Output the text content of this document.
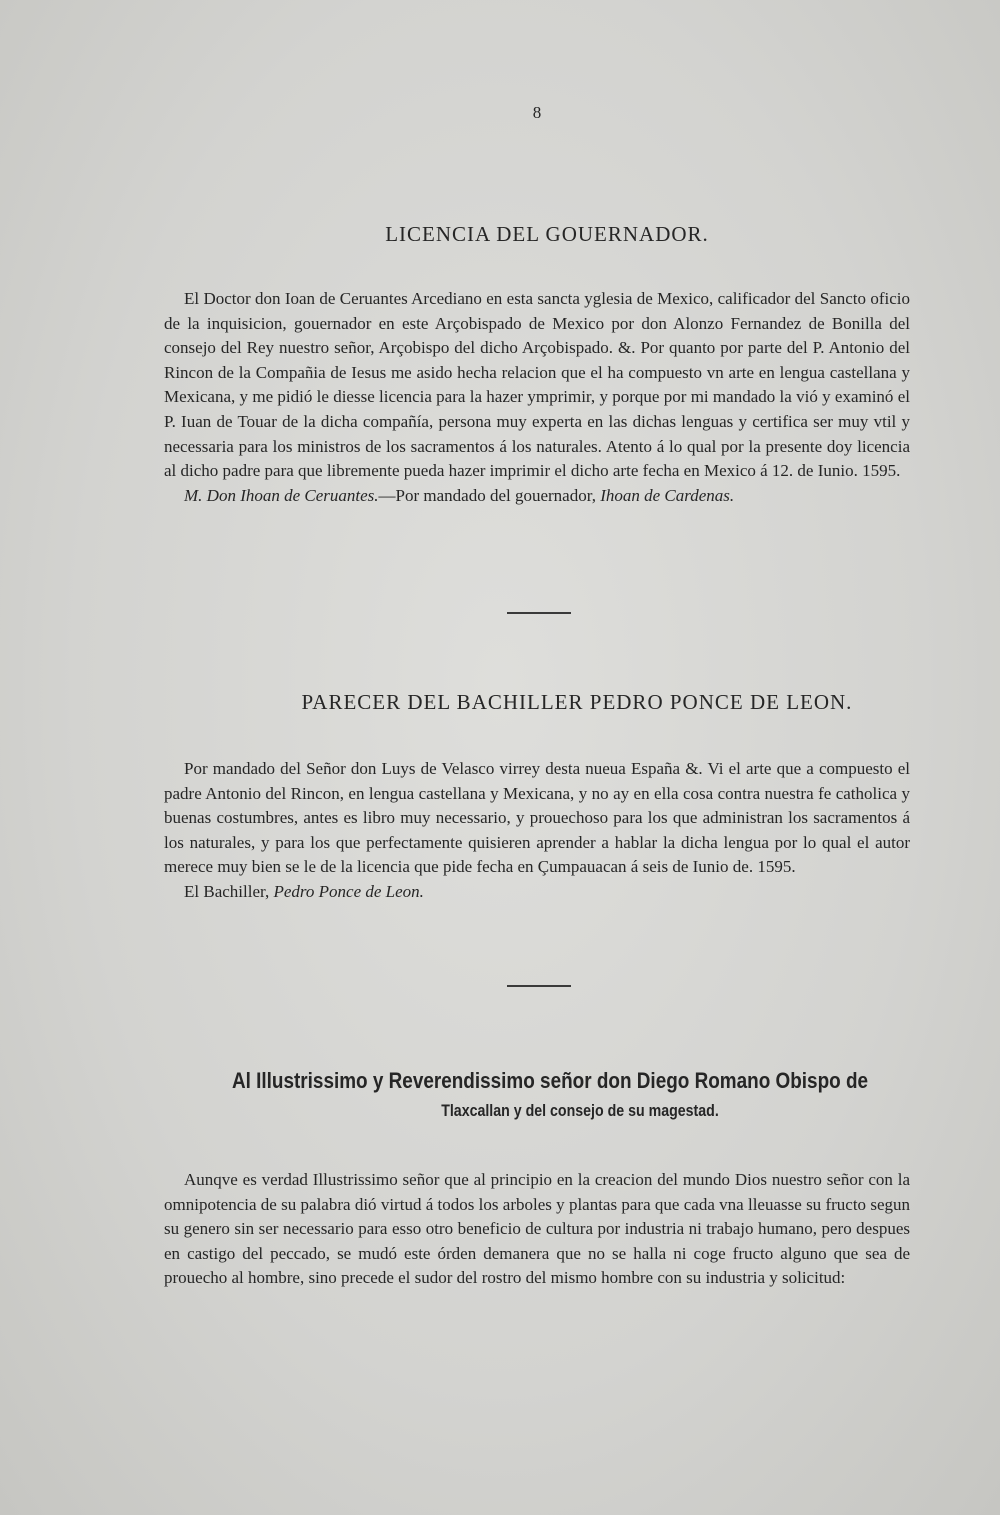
8
LICENCIA DEL GOUERNADOR.

El Doctor don Ioan de Ceruantes Arcediano en esta sancta yglesia de Mexico, calificador del Sancto oficio de la inquisicion, gouernador en este Arçobispado de Mexico por don Alonzo Fernandez de Bonilla del consejo del Rey nuestro señor, Arçobispo del dicho Arçobispado. &. Por quanto por parte del P. Antonio del Rincon de la Compañia de Iesus me asido hecha relacion que el ha compuesto vn arte en lengua castellana y Mexicana, y me pidió le diesse licencia para la hazer ymprimir, y porque por mi mandado la vió y examinó el P. Iuan de Touar de la dicha compañía, persona muy experta en las dichas lenguas y certifica ser muy vtil y necessaria para los ministros de los sacramentos á los naturales. Atento á lo qual por la presente doy licencia al dicho padre para que libremente pueda hazer imprimir el dicho arte fecha en Mexico á 12. de Iunio. 1595.

M. Don Ihoan de Ceruantes.—Por mandado del gouernador, Ihoan de Cardenas.

PARECER DEL BACHILLER PEDRO PONCE DE LEON.

Por mandado del Señor don Luys de Velasco virrey desta nueua España &. Vi el arte que a compuesto el padre Antonio del Rincon, en lengua castellana y Mexicana, y no ay en ella cosa contra nuestra fe catholica y buenas costumbres, antes es libro muy necessario, y prouechoso para los que administran los sacramentos á los naturales, y para los que perfectamente quisieren aprender a hablar la dicha lengua por lo qual el autor merece muy bien se le de la licencia que pide fecha en Çumpauacan á seis de Iunio de. 1595.

El Bachiller, Pedro Ponce de Leon.

Al Illustrissimo y Reverendissimo señor don Diego Romano Obispo de

Tlaxcallan y del consejo de su magestad.

Aunqve es verdad Illustrissimo señor que al principio en la creacion del mundo Dios nuestro señor con la omnipotencia de su palabra dió virtud á todos los arboles y plantas para que cada vna lleuasse su fructo segun su genero sin ser necessario para esso otro beneficio de cultura por industria ni trabajo humano, pero despues en castigo del peccado, se mudó este órden demanera que no se halla ni coge fructo alguno que sea de prouecho al hombre, sino precede el sudor del rostro del mismo hombre con su industria y solicitud:
